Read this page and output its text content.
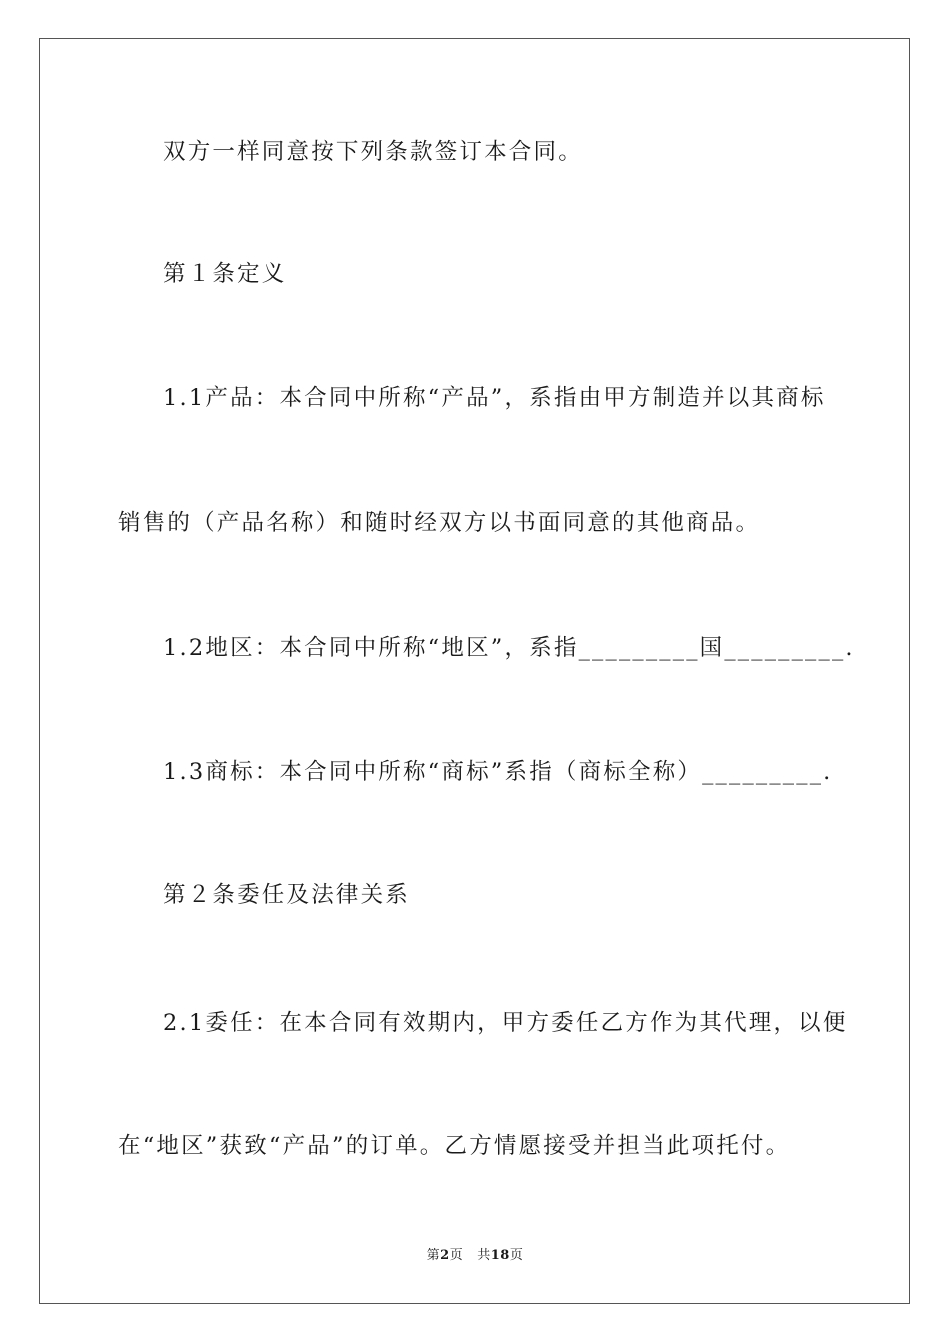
双方一样同意按下列条款签订本合同。
第１条定义
1.1产品：本合同中所称“产品”，系指由甲方制造并以其商标
销售的（产品名称）和随时经双方以书面同意的其他商品。
1.2地区：本合同中所称“地区”，系指_________国_________.
1.3商标：本合同中所称“商标”系指（商标全称）_________.
第２条委任及法律关系
2.1委任：在本合同有效期内，甲方委任乙方作为其代理，以便
在“地区”获致“产品”的订单。乙方情愿接受并担当此项托付。
第2页 共18页
